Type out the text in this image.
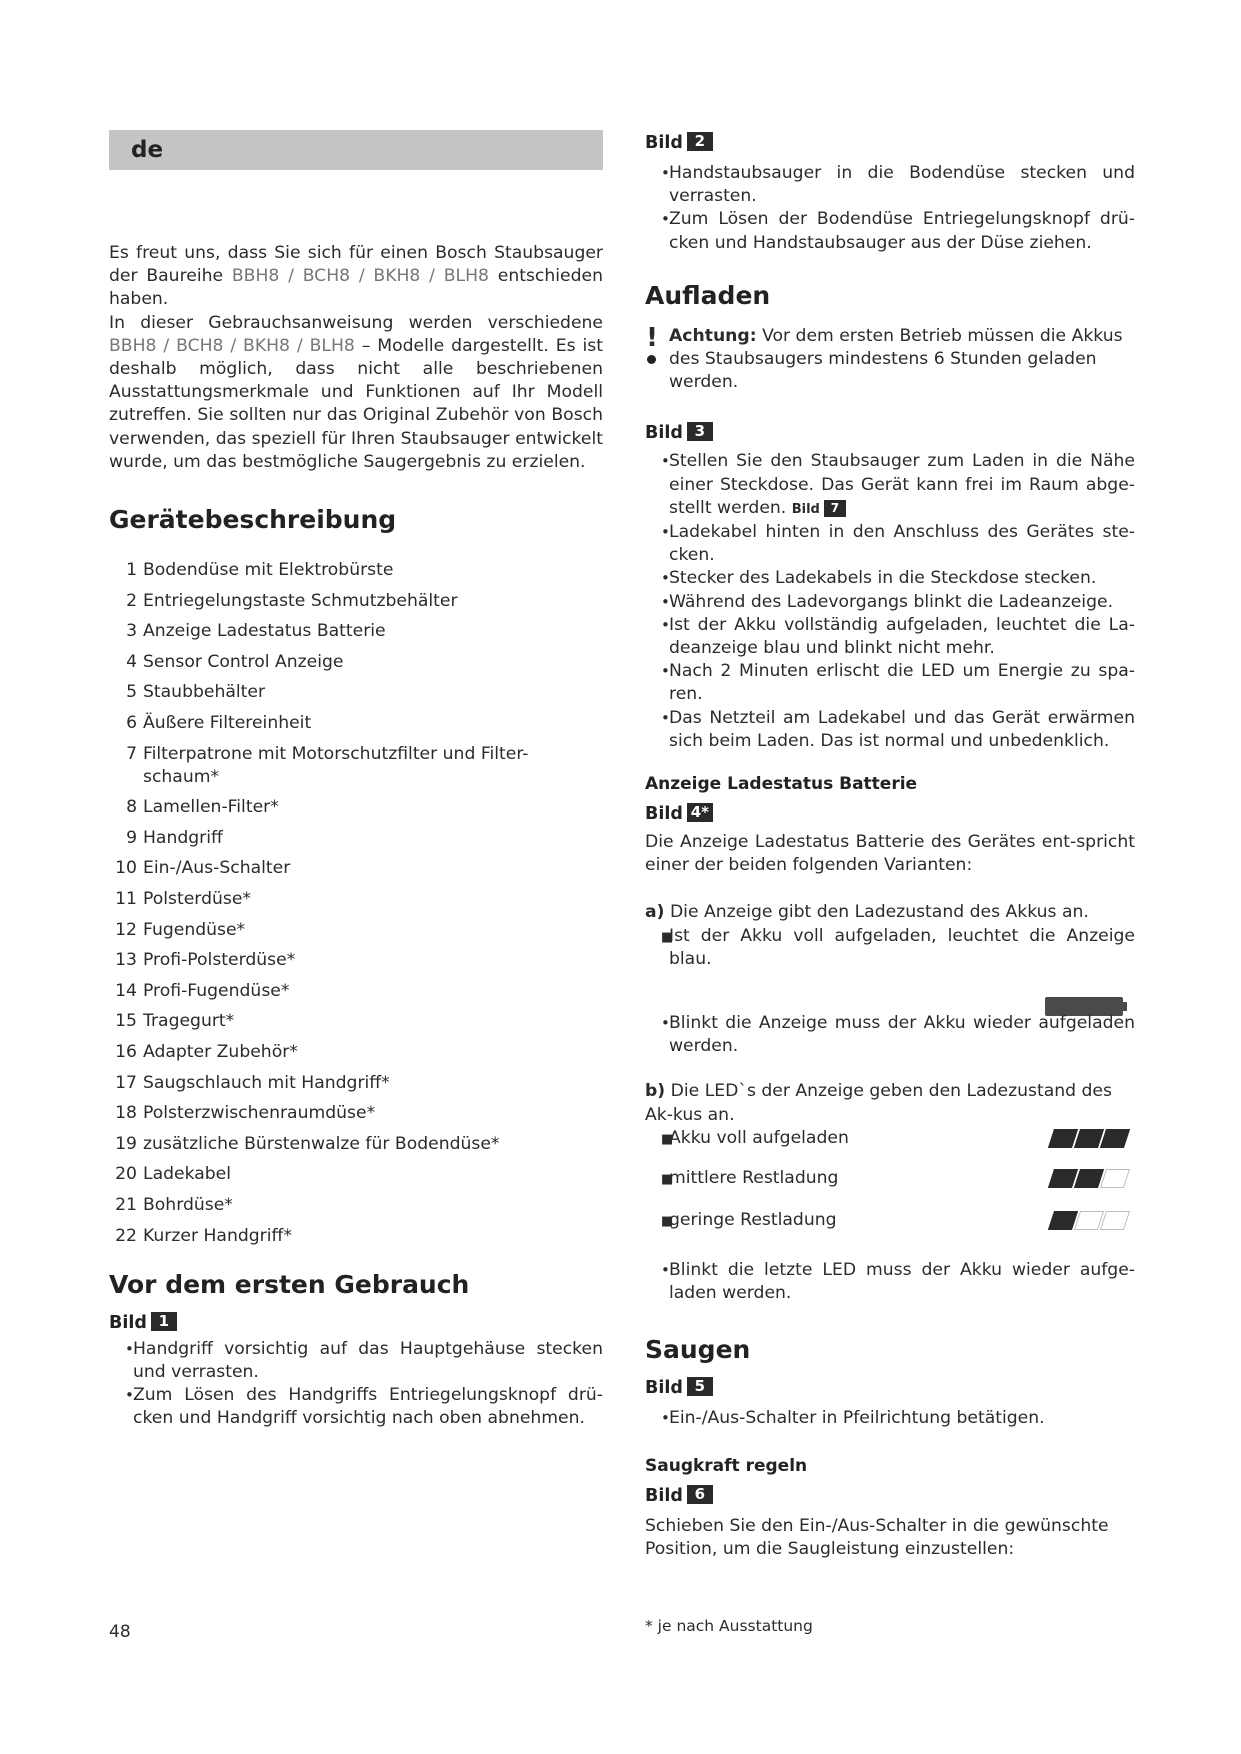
de

Es freut uns, dass Sie sich für einen Bosch Staubsauger der Baureihe BBH8 / BCH8 / BKH8 / BLH8 entschieden haben.

In dieser Gebrauchsanweisung werden verschiedene BBH8 / BCH8 / BKH8 / BLH8 – Modelle dargestellt. Es ist deshalb möglich, dass nicht alle beschriebenen Ausstattungsmerkmale und Funktionen auf Ihr Modell zutreffen. Sie sollten nur das Original Zubehör von Bosch verwenden, das speziell für Ihren Staubsauger entwickelt wurde, um das bestmögliche Saugergebnis zu erzielen.

Gerätebeschreibung
1 Bodendüse mit Elektrobürste
2 Entriegelungstaste Schmutzbehälter
3 Anzeige Ladestatus Batterie
4 Sensor Control Anzeige
5 Staubbehälter
6 Äußere Filtereinheit
7 Filterpatrone mit Motorschutzfilter und Filter-schaum*
8 Lamellen-Filter*
9 Handgriff
10 Ein-/Aus-Schalter
11 Polsterdüse*
12 Fugendüse*
13 Profi-Polsterdüse*
14 Profi-Fugendüse*
15 Tragegurt*
16 Adapter Zubehör*
17 Saugschlauch mit Handgriff*
18 Polsterzwischenraumdüse*
19 zusätzliche Bürstenwalze für Bodendüse*
20 Ladekabel
21 Bohrdüse*
22 Kurzer Handgriff*
Vor dem ersten Gebrauch
Bild 1
• Handgriff vorsichtig auf das Hauptgehäuse stecken und verrasten.
• Zum Lösen des Handgriffs Entriegelungsknopf drü-cken und Handgriff vorsichtig nach oben abnehmen.
Bild 2
• Handstaubsauger in die Bodendüse stecken und verrasten.
• Zum Lösen der Bodendüse Entriegelungsknopf drü-cken und Handstaubsauger aus der Düse ziehen.
Aufladen
! Achtung: Vor dem ersten Betrieb müssen die Akkus des Staubsaugers mindestens 6 Stunden geladen werden.
Bild 3
• Stellen Sie den Staubsauger zum Laden in die Nähe einer Steckdose. Das Gerät kann frei im Raum abge-stellt werden. Bild 7
• Ladekabel hinten in den Anschluss des Gerätes ste-cken.
• Stecker des Ladekabels in die Steckdose stecken.
• Während des Ladevorgangs blinkt die Ladeanzeige.
• Ist der Akku vollständig aufgeladen, leuchtet die La-deanzeige blau und blinkt nicht mehr.
• Nach 2 Minuten erlischt die LED um Energie zu spa-ren.
• Das Netzteil am Ladekabel und das Gerät erwärmen sich beim Laden. Das ist normal und unbedenklich.
Anzeige Ladestatus Batterie
Bild 4*

Die Anzeige Ladestatus Batterie des Gerätes ent-spricht einer der beiden folgenden Varianten:

a) Die Anzeige gibt den Ladezustand des Akkus an.

■ Ist der Akku voll aufgeladen, leuchtet die Anzeige blau.
• Blinkt die Anzeige muss der Akku wieder aufgeladen werden.

b) Die LED`s der Anzeige geben den Ladezustand des Ak-kus an.

■ Akku voll aufgeladen
■ mittlere Restladung
■ geringe Restladung
• Blinkt die letzte LED muss der Akku wieder aufge-laden werden.
Saugen
Bild 5
• Ein-/Aus-Schalter in Pfeilrichtung betätigen.
Saugkraft regeln
Bild 6

Schieben Sie den Ein-/Aus-Schalter in die gewünschte Position, um die Saugleistung einzustellen:

* je nach Ausstattung
48
